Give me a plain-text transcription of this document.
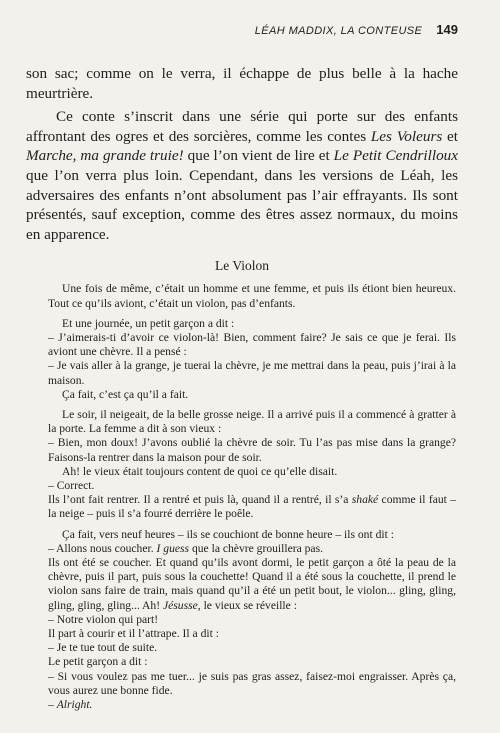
LÉAH MADDIX, LA CONTEUSE 149

son sac; comme on le verra, il échappe de plus belle à la hache meurtrière.

Ce conte s’inscrit dans une série qui porte sur des enfants affrontant des ogres et des sorcières, comme les contes Les Voleurs et Marche, ma grande truie! que l’on vient de lire et Le Petit Cendrilloux que l’on verra plus loin. Cependant, dans les versions de Léah, les adversaires des enfants n’ont absolument pas l’air effrayants. Ils sont présentés, sauf exception, comme des êtres assez normaux, du moins en apparence.

Le Violon

Une fois de même, c’était un homme et une femme, et puis ils étiont bien heureux. Tout ce qu’ils aviont, c’était un violon, pas d’enfants.

Et une journée, un petit garçon a dit :

– J’aimerais-ti d’avoir ce violon-là! Bien, comment faire? Je sais ce que je ferai. Ils aviont une chèvre. Il a pensé :

– Je vais aller à la grange, je tuerai la chèvre, je me mettrai dans la peau, puis j’irai à la maison.

Ça fait, c’est ça qu’il a fait.

Le soir, il neigeait, de la belle grosse neige. Il a arrivé puis il a commencé à gratter à la porte. La femme a dit à son vieux :

– Bien, mon doux! J’avons oublié la chèvre de soir. Tu l’as pas mise dans la grange? Faisons-la rentrer dans la maison pour de soir.

Ah! le vieux était toujours content de quoi ce qu’elle disait.

– Correct.

Ils l’ont fait rentrer. Il a rentré et puis là, quand il a rentré, il s’a shaké comme il faut – la neige – puis il s’a fourré derrière le poêle.

Ça fait, vers neuf heures – ils se couchiont de bonne heure – ils ont dit :

– Allons nous coucher. I guess que la chèvre grouillera pas.

Ils ont été se coucher. Et quand qu’ils avont dormi, le petit garçon a ôté la peau de la chèvre, puis il part, puis sous la couchette! Quand il a été sous la couchette, il prend le violon sans faire de train, mais quand qu’il a été un petit bout, le violon... gling, gling, gling, gling, gling... Ah! Jésusse, le vieux se réveille :

– Notre violon qui part!

Il part à courir et il l’attrape. Il a dit :

– Je te tue tout de suite.

Le petit garçon a dit :

– Si vous voulez pas me tuer... je suis pas gras assez, faisez-moi engraisser. Après ça, vous aurez une bonne fide.

– Alright.
